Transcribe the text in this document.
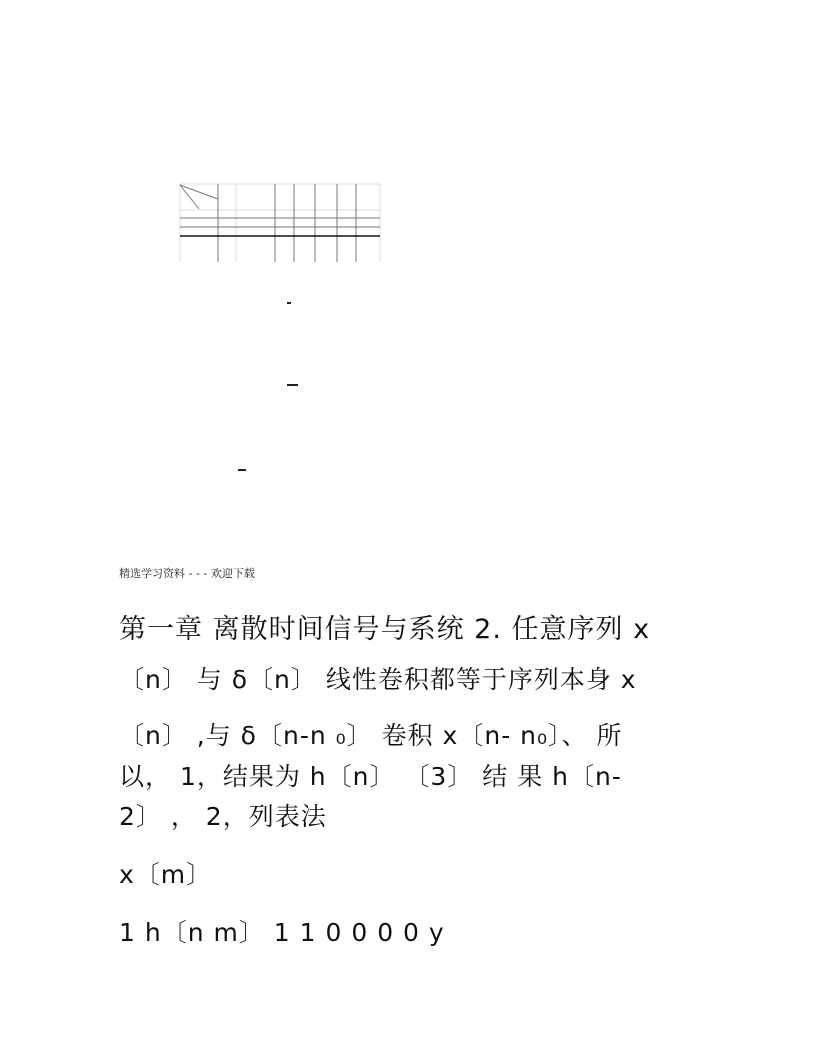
精选学习资料 - - - 欢迎下载
第一章 离散时间信号与系统 2. 任意序列 x
〔n〕 与 δ〔n〕 线性卷积都等于序列本身 x
〔n〕 ,与 δ〔n-n ₀〕 卷积 x〔n- n₀〕、 所
以， 1，结果为 h〔n〕 〔3〕 结 果 h〔n-
2〕 ， 2，列表法
x〔m〕
1 h〔n m〕 1 1 0 0 0 0 y
